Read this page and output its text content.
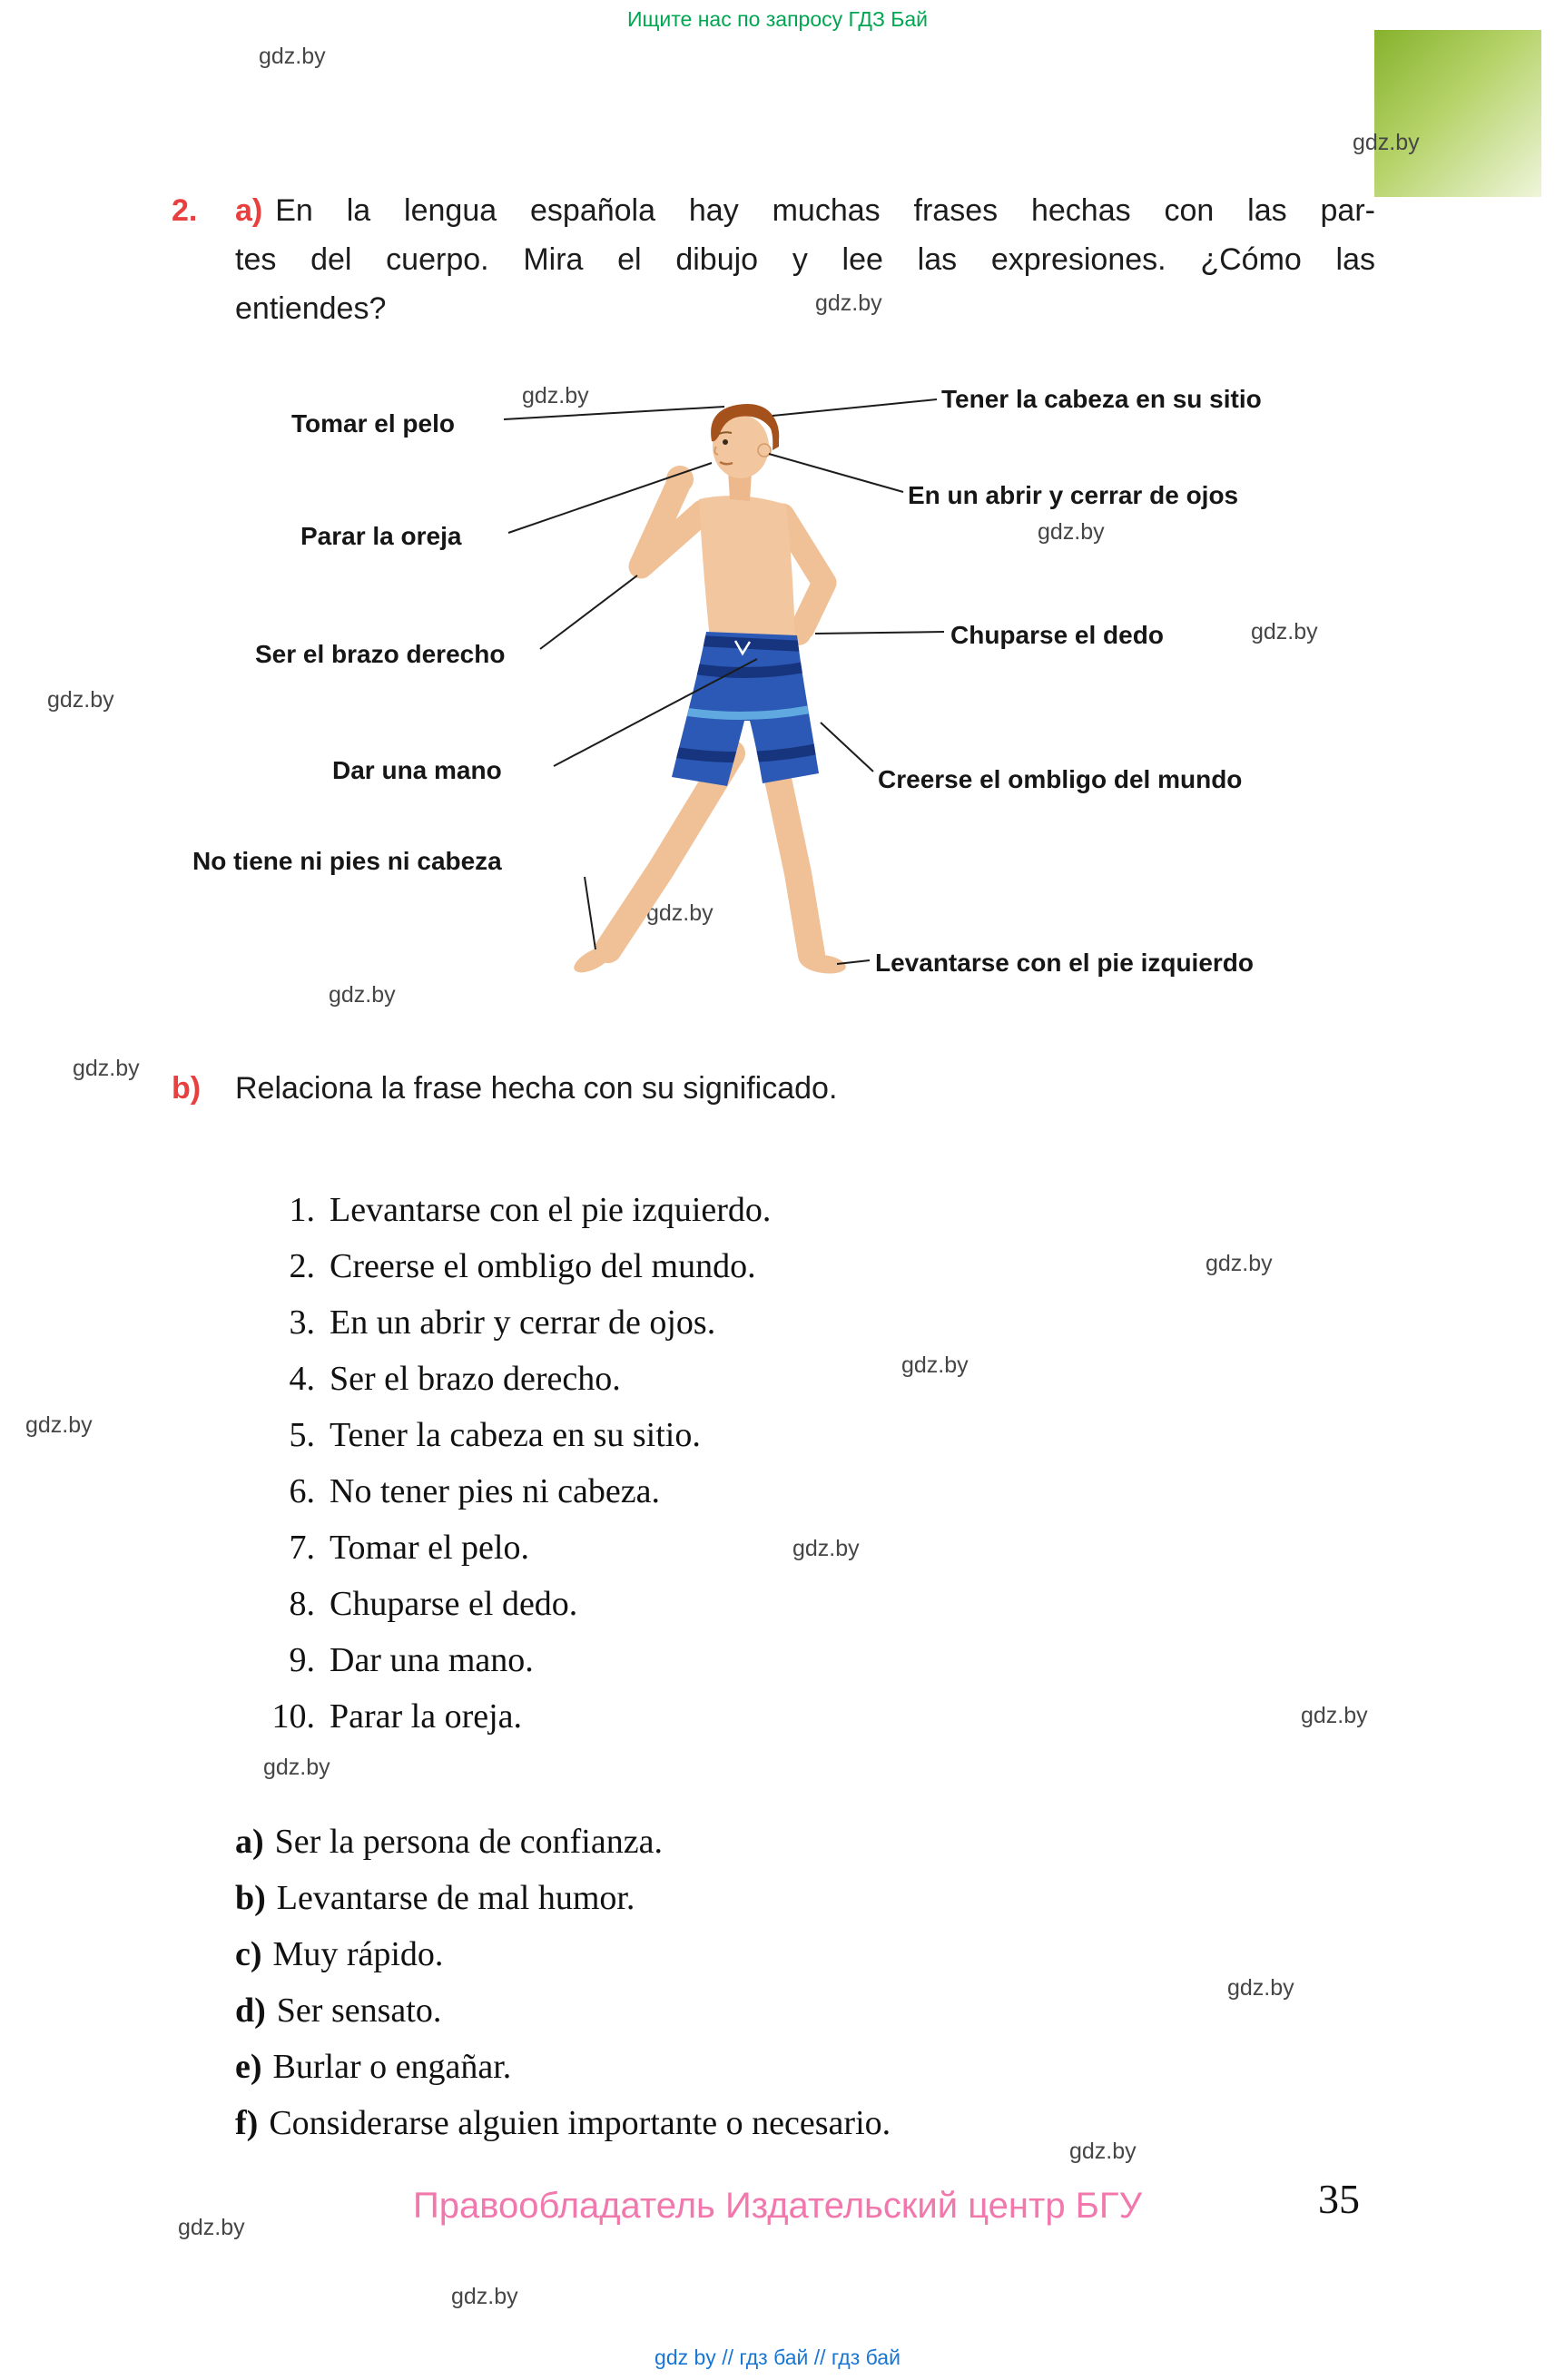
Ищите нас по запросу ГДЗ Бай
gdz.by
gdz.by
gdz.by
gdz.by
gdz.by
gdz.by
gdz.by
gdz.by
gdz.by
gdz.by
gdz.by
gdz.by
gdz.by
gdz.by
gdz.by
gdz.by
gdz.by
gdz.by
gdz.by
gdz.by
2.	a) En la lengua española hay muchas frases hechas con las par-
tes del cuerpo. Mira el dibujo y lee las expresiones. ¿Cómo las
entiendes?
Tomar el pelo
Parar la oreja
Ser el brazo derecho
Dar una mano
No tiene ni pies ni cabeza
Tener la cabeza en su sitio
En un abrir y cerrar de ojos
Chuparse el dedo
Creerse el ombligo del mundo
Levantarse con el pie izquierdo
b)	Relaciona la frase hecha con su significado.
1. Levantarse con el pie izquierdo.
2. Creerse el ombligo del mundo.
3. En un abrir y cerrar de ojos.
4. Ser el brazo derecho.
5. Tener la cabeza en su sitio.
6. No tener pies ni cabeza.
7. Tomar el pelo.
8. Chuparse el dedo.
9. Dar una mano.
10. Parar la oreja.
a) Ser la persona de confianza.
b) Levantarse de mal humor.
c) Muy rápido.
d) Ser sensato.
e) Burlar o engañar.
f) Considerarse alguien importante o necesario.
Правообладатель Издательский центр БГУ	35
gdz by // гдз бай // гдз бай
